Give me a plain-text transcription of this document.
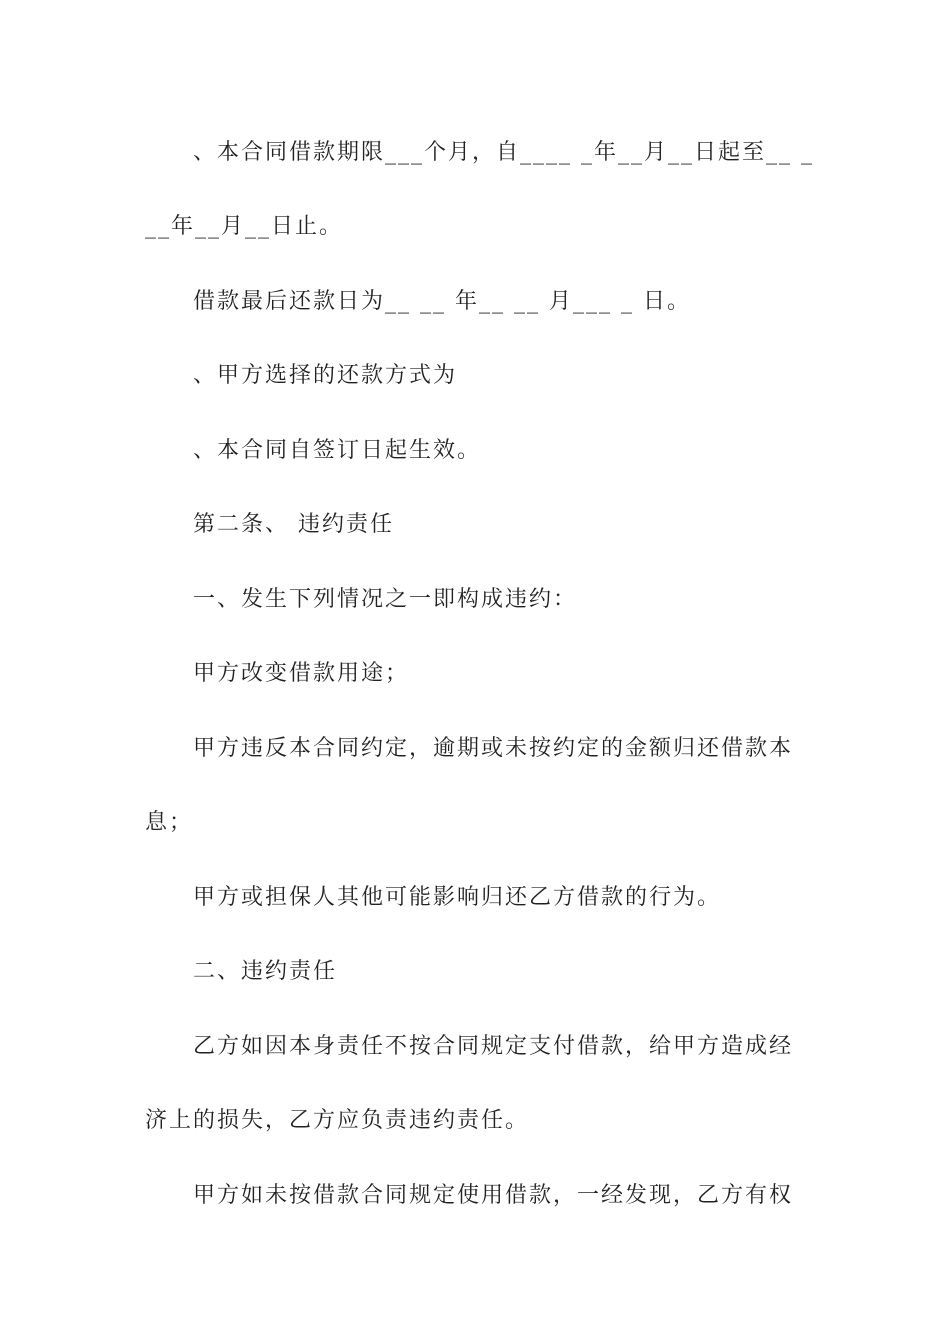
、本合同借款期限___个月，自____ _年__月__日起至__ _
__年__月__日止。
借款最后还款日为__ __ 年__ __ 月___ _ 日。
、甲方选择的还款方式为
、本合同自签订日起生效。
第二条、 违约责任
一、发生下列情况之一即构成违约：
甲方改变借款用途；
甲方违反本合同约定，逾期或未按约定的金额归还借款本
息；
甲方或担保人其他可能影响归还乙方借款的行为。
二、违约责任
乙方如因本身责任不按合同规定支付借款，给甲方造成经
济上的损失，乙方应负责违约责任。
甲方如未按借款合同规定使用借款，一经发现，乙方有权
